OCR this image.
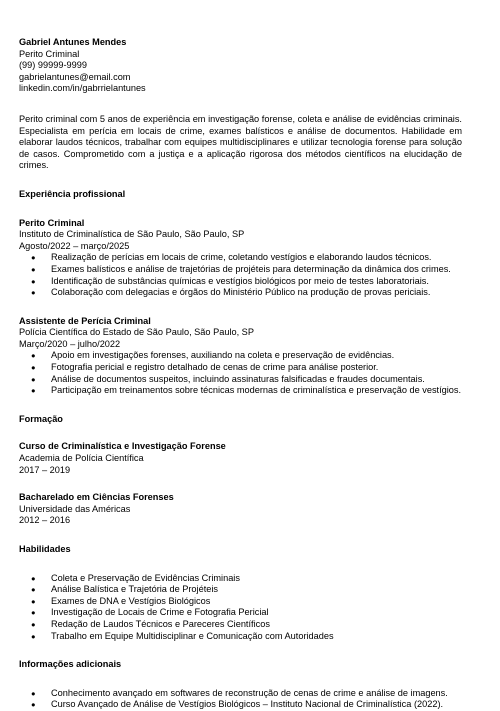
Gabriel Antunes Mendes
Perito Criminal
(99) 99999-9999
gabrielantunes@email.com
linkedin.com/in/gabrrielantunes
Perito criminal com 5 anos de experiência em investigação forense, coleta e análise de evidências criminais. Especialista em perícia em locais de crime, exames balísticos e análise de documentos. Habilidade em elaborar laudos técnicos, trabalhar com equipes multidisciplinares e utilizar tecnologia forense para solução de casos. Comprometido com a justiça e a aplicação rigorosa dos métodos científicos na elucidação de crimes.
Experiência profissional
Perito Criminal
Instituto de Criminalística de São Paulo, São Paulo, SP
Agosto/2022 – março/2025
● Realização de perícias em locais de crime, coletando vestígios e elaborando laudos técnicos.
● Exames balísticos e análise de trajetórias de projéteis para determinação da dinâmica dos crimes.
● Identificação de substâncias químicas e vestígios biológicos por meio de testes laboratoriais.
● Colaboração com delegacias e órgãos do Ministério Público na produção de provas periciais.
Assistente de Perícia Criminal
Polícia Científica do Estado de São Paulo, São Paulo, SP
Março/2020 – julho/2022
● Apoio em investigações forenses, auxiliando na coleta e preservação de evidências.
● Fotografia pericial e registro detalhado de cenas de crime para análise posterior.
● Análise de documentos suspeitos, incluindo assinaturas falsificadas e fraudes documentais.
● Participação em treinamentos sobre técnicas modernas de criminalística e preservação de vestígios.
Formação
Curso de Criminalística e Investigação Forense
Academia de Polícia Científica
2017 – 2019
Bacharelado em Ciências Forenses
Universidade das Américas
2012 – 2016
Habilidades
● Coleta e Preservação de Evidências Criminais
● Análise Balística e Trajetória de Projéteis
● Exames de DNA e Vestígios Biológicos
● Investigação de Locais de Crime e Fotografia Pericial
● Redação de Laudos Técnicos e Pareceres Científicos
● Trabalho em Equipe Multidisciplinar e Comunicação com Autoridades
Informações adicionais
● Conhecimento avançado em softwares de reconstrução de cenas de crime e análise de imagens.
● Curso Avançado de Análise de Vestígios Biológicos – Instituto Nacional de Criminalística (2022).
